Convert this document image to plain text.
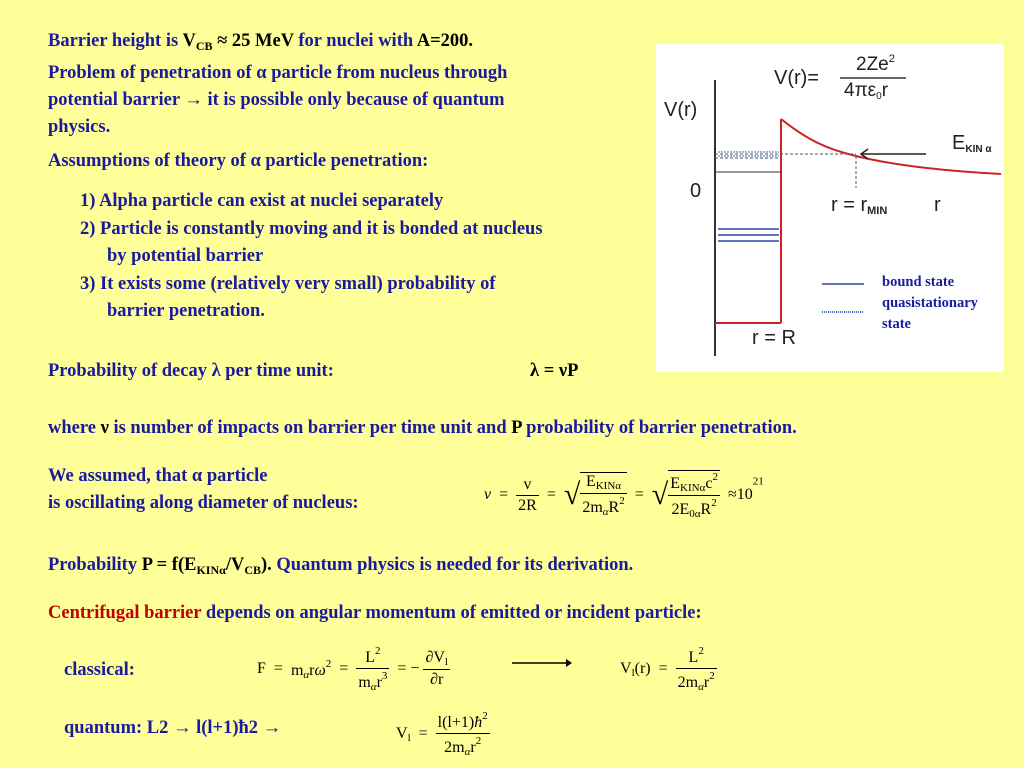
Barrier height is $V_{CB} \approx 25$ MeV for nuclei with A=200.
Problem of penetration of α particle from nucleus through
potential barrier → it is possible only because of quantum
physics.
Assumptions of theory of α particle penetration:
1) Alpha particle can exist at nuclei separately
2) Particle is constantly moving and it is bonded at nucleus
by potential barrier
3) It exists some (relatively very small) probability of
barrier penetration.
V(r)
0
r = rMIN r
r = R
EKIN α
V(r)=
$2Ze^2$
4πε0r
bound state
quasistationary
state
Probability of decay λ per time unit:	λ = νP
where ν is number of impacts on barrier per time unit and P probability of barrier penetration.
We assumed, that α particle
is oscillating along diameter of nucleus:	$\nu = \frac{v}{2R}$ = √ $\frac{E_{KIN\alpha}}{2m_\alpha R^2}$ = √ $\frac{E_{KIN\alpha}c^2}{2E_{0\alpha}R^2} \approx 10^{21}$
Probability $P = f(E_{KIN\alpha}/V_{CB})$. Quantum physics is needed for its derivation.
Centrifugal barrier depends on angular momentum of emitted or incident particle:
classical:	$F = m_\alpha r\omega^2 = \frac{L^2}{m_\alpha r^3}$ = − $\frac{\partial V_l}{\partial r}$	$V_l(r) = \frac{L^2}{2m_\alpha r^2}$
quantum: L2 → l(l+1)ħ2 →	$V_l = \frac{l(l+1)ħ^2}{2m_\alpha r^2}$
